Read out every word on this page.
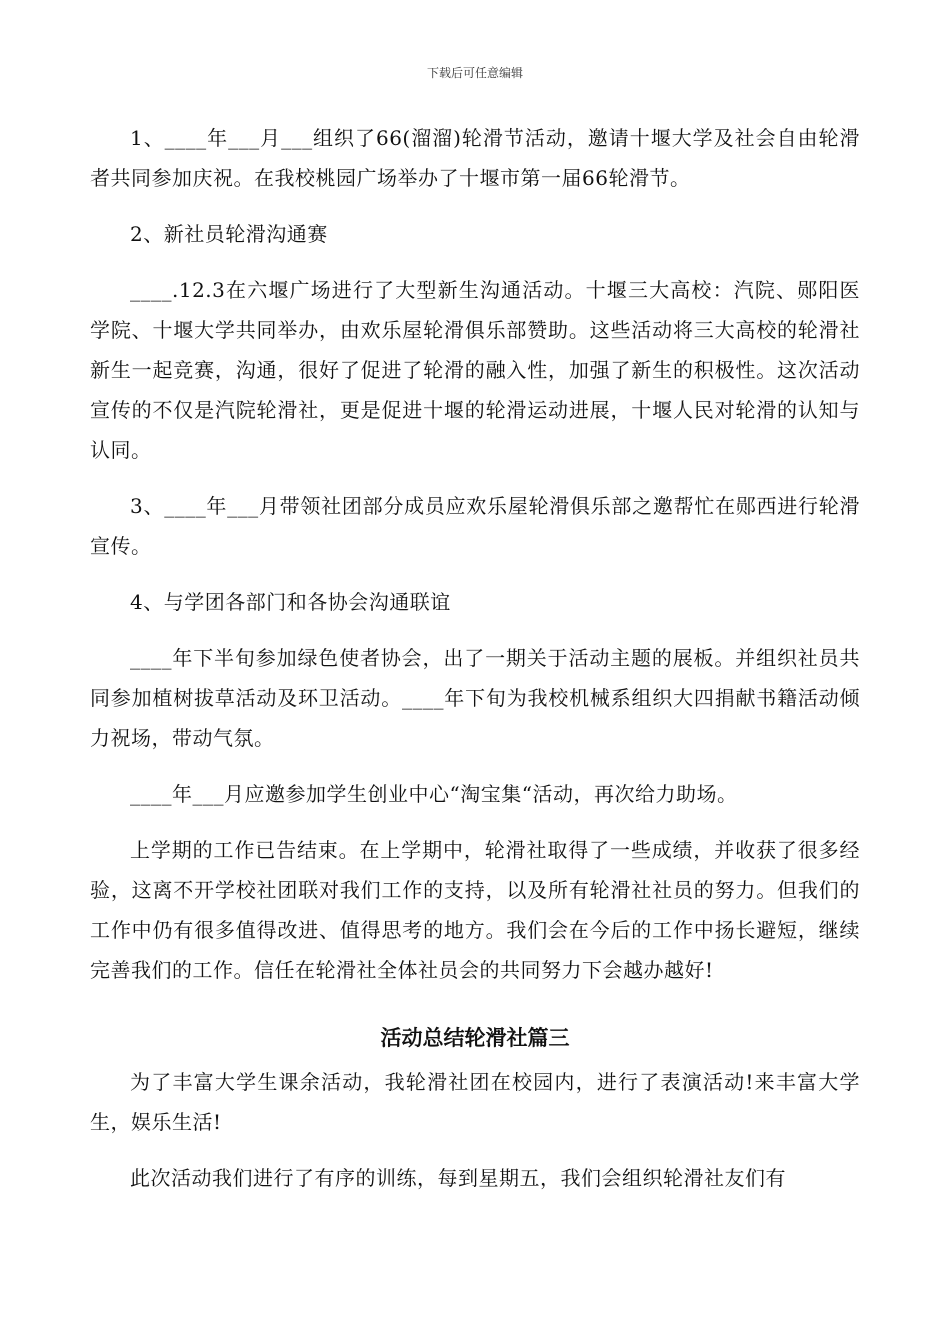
下载后可任意编辑

1、____年___月___组织了66(溜溜)轮滑节活动，邀请十堰大学及社会自由轮滑者共同参加庆祝。在我校桃园广场举办了十堰市第一届66轮滑节。

2、新社员轮滑沟通赛

____.12.3在六堰广场进行了大型新生沟通活动。十堰三大高校：汽院、郧阳医学院、十堰大学共同举办，由欢乐屋轮滑俱乐部赞助。这些活动将三大高校的轮滑社新生一起竞赛，沟通，很好了促进了轮滑的融入性，加强了新生的积极性。这次活动宣传的不仅是汽院轮滑社，更是促进十堰的轮滑运动进展，十堰人民对轮滑的认知与认同。

3、____年___月带领社团部分成员应欢乐屋轮滑俱乐部之邀帮忙在郧西进行轮滑宣传。

4、与学团各部门和各协会沟通联谊

____年下半旬参加绿色使者协会，出了一期关于活动主题的展板。并组织社员共同参加植树拔草活动及环卫活动。____年下旬为我校机械系组织大四捐献书籍活动倾力祝场，带动气氛。

____年___月应邀参加学生创业中心“淘宝集“活动，再次给力助场。

上学期的工作已告结束。在上学期中，轮滑社取得了一些成绩，并收获了很多经验，这离不开学校社团联对我们工作的支持，以及所有轮滑社社员的努力。但我们的工作中仍有很多值得改进、值得思考的地方。我们会在今后的工作中扬长避短，继续完善我们的工作。信任在轮滑社全体社员会的共同努力下会越办越好!

活动总结轮滑社篇三

为了丰富大学生课余活动，我轮滑社团在校园内，进行了表演活动!来丰富大学生，娱乐生活!

此次活动我们进行了有序的训练，每到星期五，我们会组织轮滑社友们有
